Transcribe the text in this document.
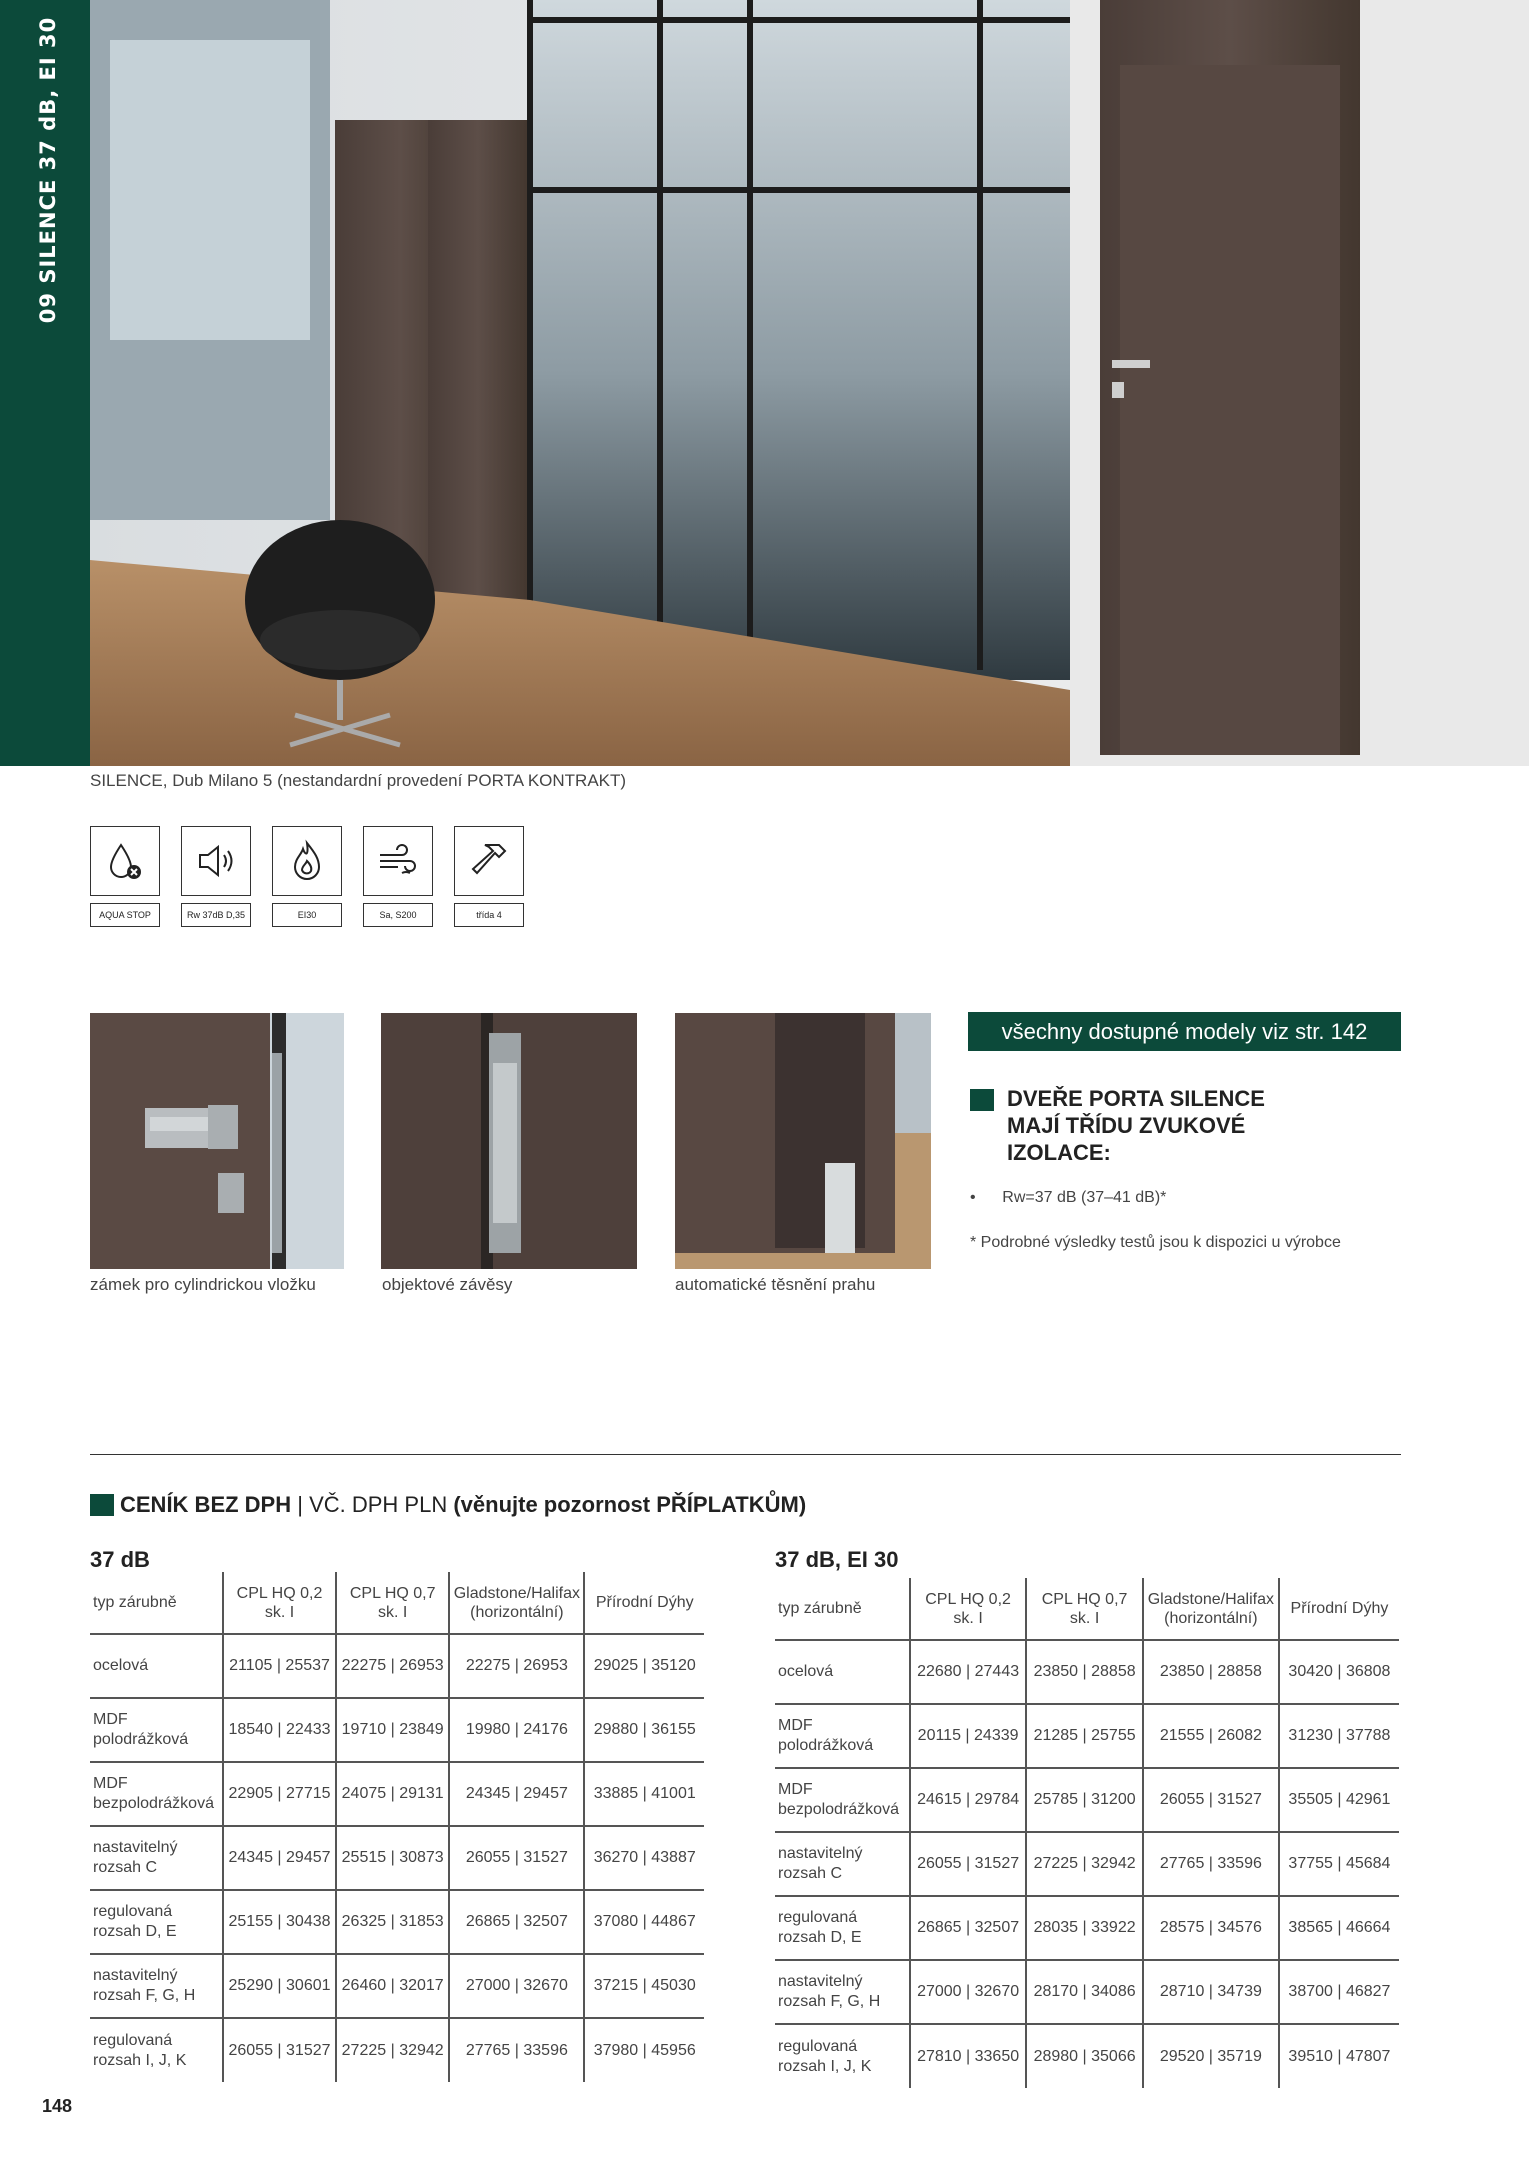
09 SILENCE 37 dB, EI 30
SILENCE, Dub Milano 5 (nestandardní provedení PORTA KONTRAKT)
AQUA STOP	Rw 37dB D,35	EI30	Sa, S200	třída 4
zámek pro cylindrickou vložku	objektové závěsy	automatické těsnění prahu
všechny dostupné modely viz str. 142
DVEŘE PORTA SILENCE
MAJÍ TŘÍDU ZVUKOVÉ
IZOLACE:
•      Rw=37 dB (37–41 dB)*
* Podrobné výsledky testů jsou k dispozici u výrobce
CENÍK BEZ DPH | VČ. DPH PLN (věnujte pozornost PŘÍPLATKŮM)
37 dB
typ zárubně	CPL HQ 0,2 sk. I	CPL HQ 0,7 sk. I	Gladstone/Halifax (horizontální)	Přírodní Dýhy
ocelová	21105 | 25537	22275 | 26953	22275 | 26953	29025 | 35120
MDF polodrážková	18540 | 22433	19710 | 23849	19980 | 24176	29880 | 36155
MDF bezpolodrážková	22905 | 27715	24075 | 29131	24345 | 29457	33885 | 41001
nastavitelný rozsah C	24345 | 29457	25515 | 30873	26055 | 31527	36270 | 43887
regulovaná rozsah D, E	25155 | 30438	26325 | 31853	26865 | 32507	37080 | 44867
nastavitelný rozsah F, G, H	25290 | 30601	26460 | 32017	27000 | 32670	37215 | 45030
regulovaná rozsah I, J, K	26055 | 31527	27225 | 32942	27765 | 33596	37980 | 45956
37 dB, EI 30
typ zárubně	CPL HQ 0,2 sk. I	CPL HQ 0,7 sk. I	Gladstone/Halifax (horizontální)	Přírodní Dýhy
ocelová	22680 | 27443	23850 | 28858	23850 | 28858	30420 | 36808
MDF polodrážková	20115 | 24339	21285 | 25755	21555 | 26082	31230 | 37788
MDF bezpolodrážková	24615 | 29784	25785 | 31200	26055 | 31527	35505 | 42961
nastavitelný rozsah C	26055 | 31527	27225 | 32942	27765 | 33596	37755 | 45684
regulovaná rozsah D, E	26865 | 32507	28035 | 33922	28575 | 34576	38565 | 46664
nastavitelný rozsah F, G, H	27000 | 32670	28170 | 34086	28710 | 34739	38700 | 46827
regulovaná rozsah I, J, K	27810 | 33650	28980 | 35066	29520 | 35719	39510 | 47807
148
